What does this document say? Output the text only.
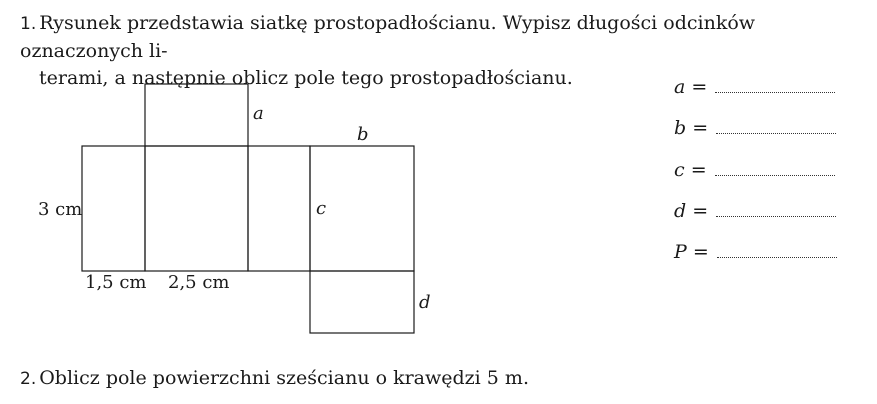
1. Rysunek przedstawia siatkę prostopadłościanu. Wypisz długości odcinków oznaczonych li-
terami, a następnie oblicz pole tego prostopadłościanu.
a
b
c
d
3 cm
1,5 cm 2,5 cm
a =
b =
c =
d =
P =
2. Oblicz pole powierzchni sześcianu o krawędzi 5 m.
